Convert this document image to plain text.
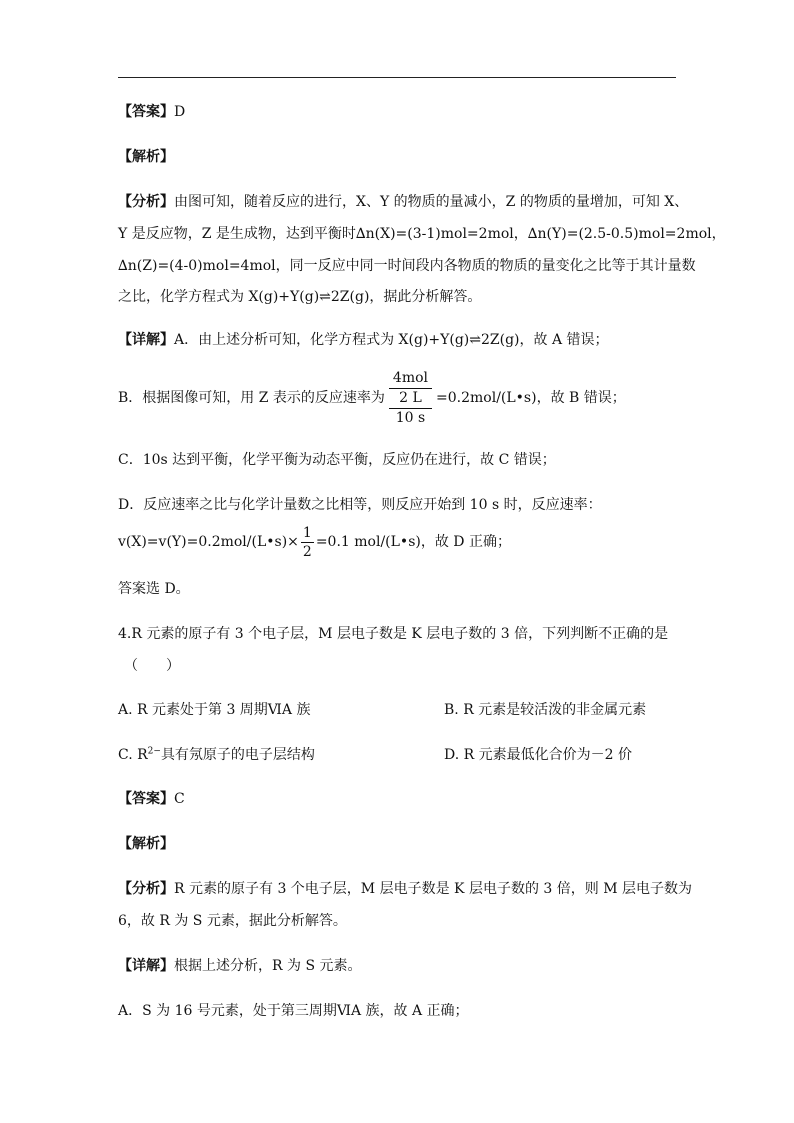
【答案】D
【解析】
【分析】由图可知，随着反应的进行，X、Y 的物质的量减小，Z 的物质的量增加，可知 X、
Y 是反应物，Z 是生成物，达到平衡时∆n(X)=(3-1)mol=2mol，∆n(Y)=(2.5-0.5)mol=2mol，
∆n(Z)=(4-0)mol=4mol，同一反应中同一时间段内各物质的物质的量变化之比等于其计量数
之比，化学方程式为 X(g)+Y(g)⇌2Z(g)，据此分析解答。
【详解】A．由上述分析可知，化学方程式为 X(g)+Y(g)⇌2Z(g)，故 A 错误；
B．根据图像可知，用 Z 表示的反应速率为
4mol
2 L
10 s
=0.2mol/(L•s)，故 B 错误；
C．10s 达到平衡，化学平衡为动态平衡，反应仍在进行，故 C 错误；
D．反应速率之比与化学计量数之比相等，则反应开始到 10 s 时，反应速率：
v(X)=v(Y)=0.2mol/(L•s)× $\frac{1}{2} =0.1$ mol/(L•s)，故 D 正确；
答案选 D。
4.R 元素的原子有 3 个电子层，M 层电子数是 K 层电子数的 3 倍，下列判断不正确的是
（　　）
A. R 元素处于第 3 周期ⅥA 族	B. R 元素是较活泼的非金属元素
C. $R^{2-}$具有氖原子的电子层结构	D. R 元素最低化合价为－2 价
【答案】C
【解析】
【分析】R 元素的原子有 3 个电子层，M 层电子数是 K 层电子数的 3 倍，则 M 层电子数为
6，故 R 为 S 元素，据此分析解答。
【详解】根据上述分析，R 为 S 元素。
A．S 为 16 号元素，处于第三周期ⅥA 族，故 A 正确；
